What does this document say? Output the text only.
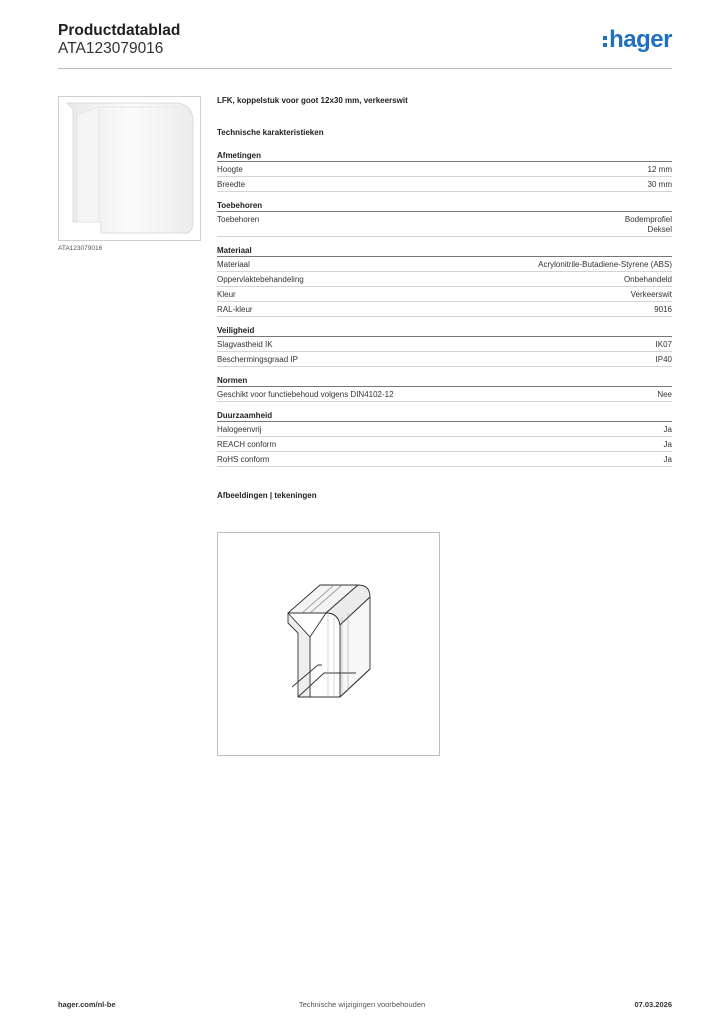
Productdatablad
ATA123079016	hager
ATA123079016
LFK, koppelstuk voor goot 12x30 mm, verkeerswit
Technische karakteristieken
Afmetingen
Hoogte	12 mm
Breedte	30 mm
Toebehoren
Toebehoren	Bodemprofiel
Deksel
Materiaal
Materiaal	Acrylonitrile-Butadiene-Styrene (ABS)
Oppervlaktebehandeling	Onbehandeld
Kleur	Verkeerswit
RAL-kleur	9016
Veiligheid
Slagvastheid IK	IK07
Beschermingsgraad IP	IP40
Normen
Geschikt voor functiebehoud volgens DIN4102-12	Nee
Duurzaamheid
Halogeenvrij	Ja
REACH conform	Ja
RoHS conform	Ja
Afbeeldingen | tekeningen
hager.com/nl-be	Technische wijzigingen voorbehouden	07.03.2026
